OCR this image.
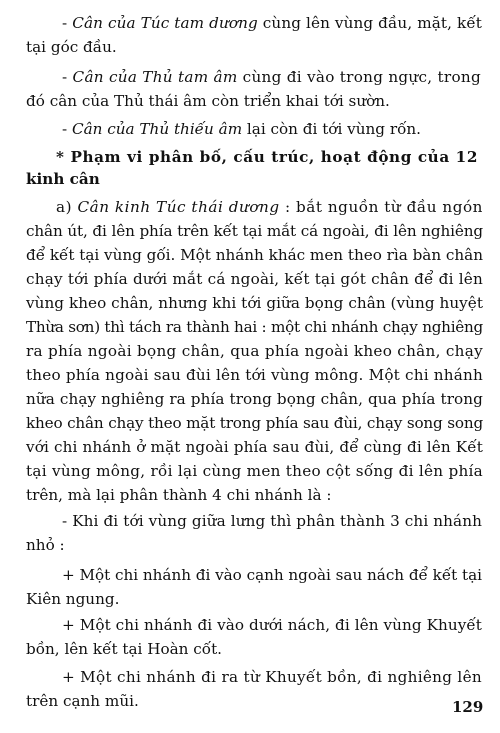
- Cân của Túc tam dương cùng lên vùng đầu, mặt, kết
tại góc đầu.
- Cân của Thủ tam âm cùng đi vào trong ngực, trong
đó cân của Thủ thái âm còn triển khai tới sườn.
- Cân của Thủ thiếu âm lại còn đi tới vùng rốn.
* Phạm vi phân bố, cấu trúc, hoạt động của 12
kinh cân
a) Cân kinh Túc thái dương : bắt nguồn từ đầu ngón
chân út, đi lên phía trên kết tại mắt cá ngoài, đi lên nghiêng
để kết tại vùng gối. Một nhánh khác men theo rìa bàn chân
chạy tới phía dưới mắt cá ngoài, kết tại gót chân để đi lên
vùng kheo chân, nhưng khi tới giữa bọng chân (vùng huyệt
Thừa sơn) thì tách ra thành hai : một chi nhánh chạy nghiêng
ra phía ngoài bọng chân, qua phía ngoài kheo chân, chạy
theo phía ngoài sau đùi lên tới vùng mông. Một chi nhánh
nữa chạy nghiêng ra phía trong bọng chân, qua phía trong
kheo chân chạy theo mặt trong phía sau đùi, chạy song song
với chi nhánh ở mặt ngoài phía sau đùi, để cùng đi lên Kết
tại vùng mông, rồi lại cùng men theo cột sống đi lên phía
trên, mà lại phân thành 4 chi nhánh là :
- Khi đi tới vùng giữa lưng thì phân thành 3 chi nhánh
nhỏ :
+ Một chi nhánh đi vào cạnh ngoài sau nách để kết tại
Kiên ngung.
+ Một chi nhánh đi vào dưới nách, đi lên vùng Khuyết
bồn, lên kết tại Hoàn cốt.
+ Một chi nhánh đi ra từ Khuyết bồn, đi nghiêng lên
trên cạnh mũi.	129
